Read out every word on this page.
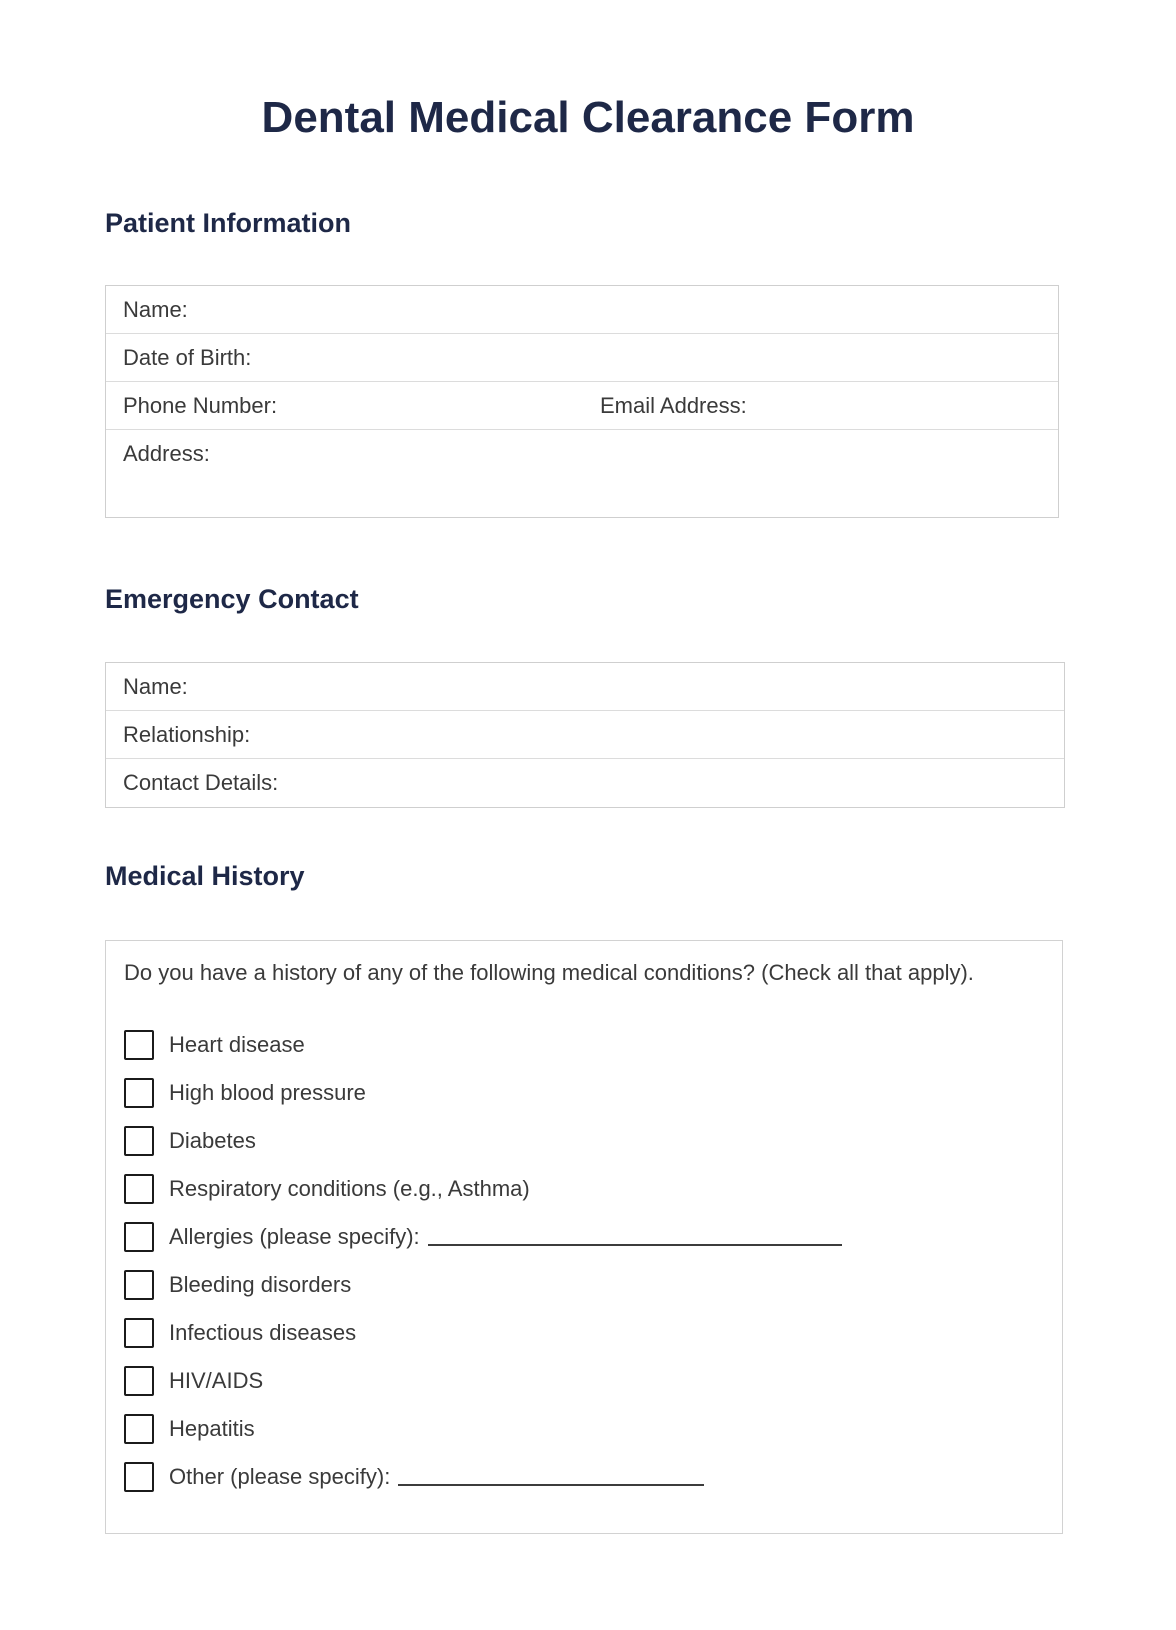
Dental Medical Clearance Form
Patient Information
Name:
Date of Birth:
Phone Number:	Email Address:
Address:
Emergency Contact
Name:
Relationship:
Contact Details:
Medical History
Do you have a history of any of the following medical conditions? (Check all that apply).
Heart disease
High blood pressure
Diabetes
Respiratory conditions (e.g., Asthma)
Allergies (please specify):
Bleeding disorders
Infectious diseases
HIV/AIDS
Hepatitis
Other (please specify):
